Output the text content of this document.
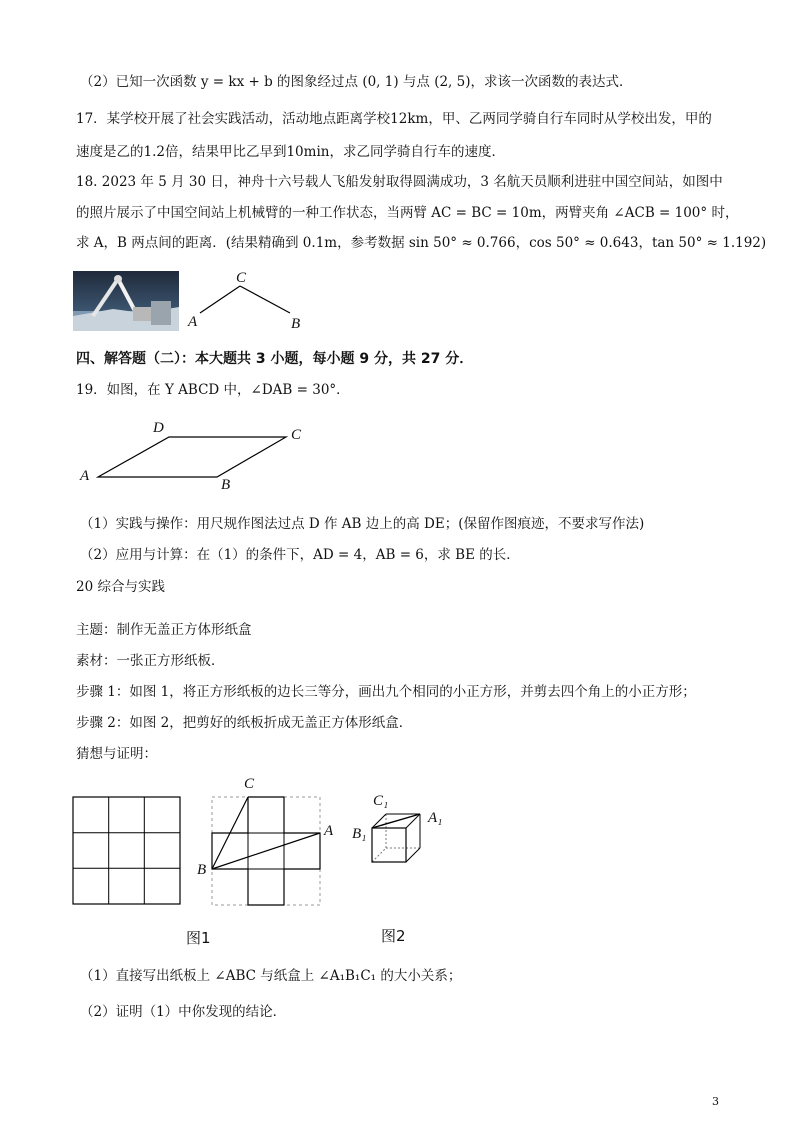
（2）已知一次函数 y = kx + b 的图象经过点 (0, 1) 与点 (2, 5)，求该一次函数的表达式．
17．某学校开展了社会实践活动，活动地点距离学校12km，甲、乙两同学骑自行车同时从学校出发，甲的
速度是乙的1.2倍，结果甲比乙早到10min，求乙同学骑自行车的速度．
18. 2023 年 5 月 30 日，神舟十六号载人飞船发射取得圆满成功，3 名航天员顺利进驻中国空间站，如图中
的照片展示了中国空间站上机械臂的一种工作状态，当两臂 AC = BC = 10m，两臂夹角 ∠ACB = 100° 时，
求 A，B 两点间的距离．(结果精确到 0.1m，参考数据 sin 50° ≈ 0.766，cos 50° ≈ 0.643，tan 50° ≈ 1.192)
C
A	B
四、解答题（二）：本大题共 3 小题，每小题 9 分，共 27 分．
19．如图，在 Y ABCD 中，∠DAB = 30°．
D	C
A
B
（1）实践与操作：用尺规作图法过点 D 作 AB 边上的高 DE；(保留作图痕迹，不要求写作法)
（2）应用与计算：在（1）的条件下，AD = 4，AB = 6，求 BE 的长．
20 综合与实践
主题：制作无盖正方体形纸盒
素材：一张正方形纸板．
步骤 1：如图 1，将正方形纸板的边长三等分，画出九个相同的小正方形，并剪去四个角上的小正方形；
步骤 2：如图 2，把剪好的纸板折成无盖正方体形纸盒．
猜想与证明：
C
A
B
C₁
A₁
B₁
图1	图2
（1）直接写出纸板上 ∠ABC 与纸盒上 ∠A₁B₁C₁ 的大小关系；
（2）证明（1）中你发现的结论．
3
